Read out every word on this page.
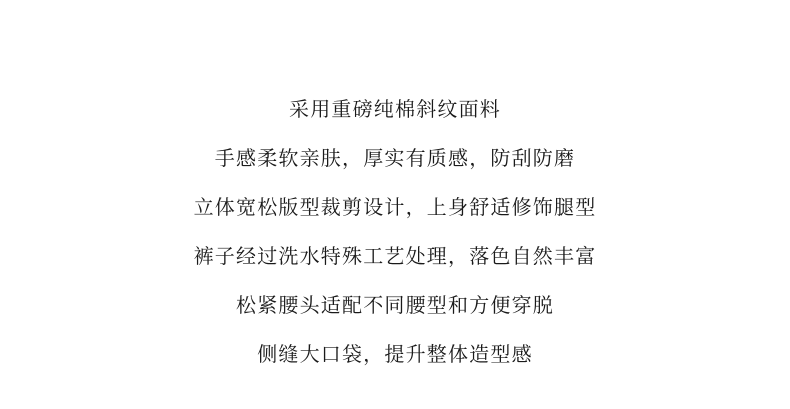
采用重磅纯棉斜纹面料
手感柔软亲肤，厚实有质感，防刮防磨
立体宽松版型裁剪设计，上身舒适修饰腿型
裤子经过洗水特殊工艺处理，落色自然丰富
松紧腰头适配不同腰型和方便穿脱
侧缝大口袋，提升整体造型感
